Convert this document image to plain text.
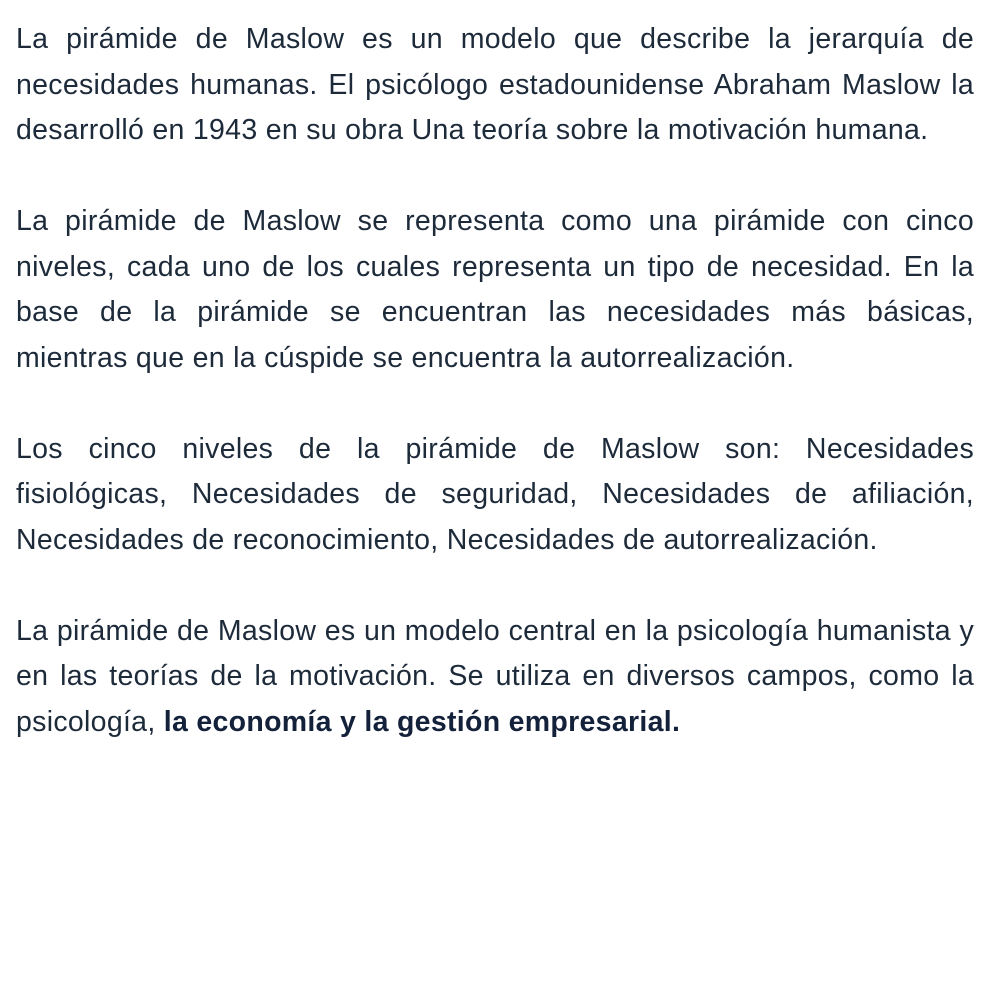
La pirámide de Maslow es un modelo que describe la jerarquía de necesidades humanas. El psicólogo estadounidense Abraham Maslow la desarrolló en 1943 en su obra Una teoría sobre la motivación humana.

La pirámide de Maslow se representa como una pirámide con cinco niveles, cada uno de los cuales representa un tipo de necesidad. En la base de la pirámide se encuentran las necesidades más básicas, mientras que en la cúspide se encuentra la autorrealización.

Los cinco niveles de la pirámide de Maslow son: Necesidades fisiológicas, Necesidades de seguridad, Necesidades de afiliación, Necesidades de reconocimiento, Necesidades de autorrealización.

La pirámide de Maslow es un modelo central en la psicología humanista y en las teorías de la motivación. Se utiliza en diversos campos, como la psicología, la economía y la gestión empresarial.
